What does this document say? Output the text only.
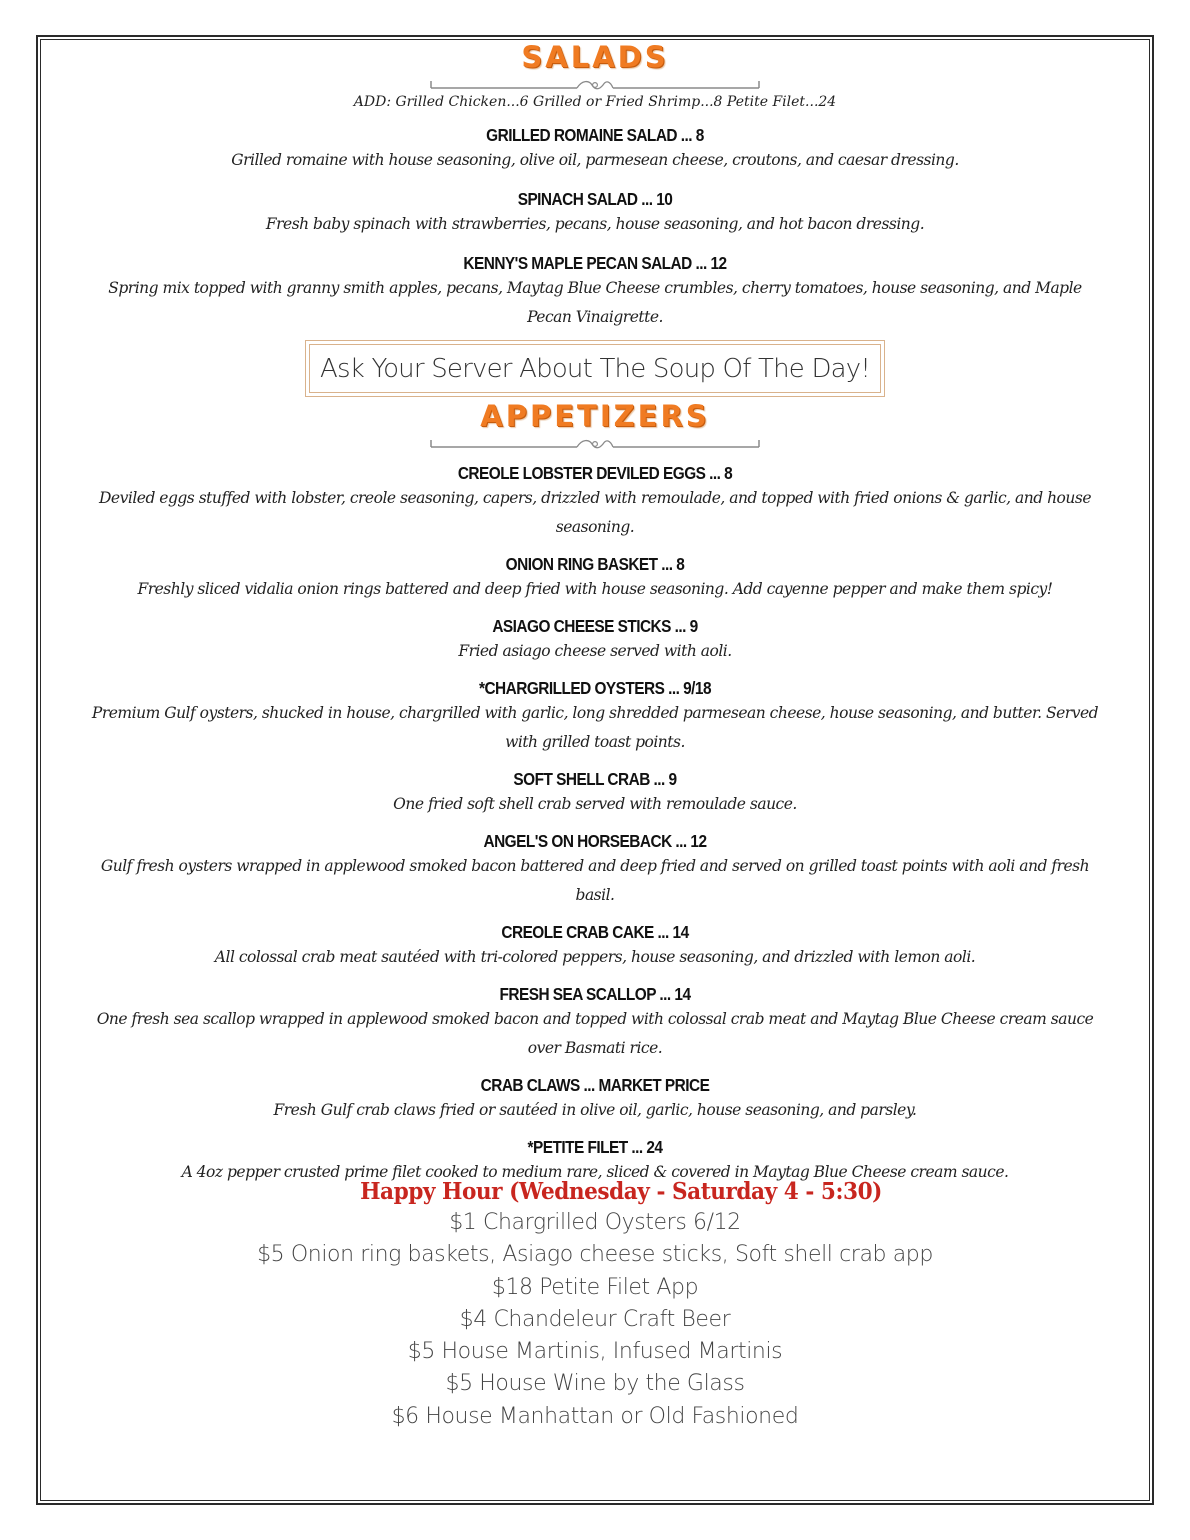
SALADS
ADD: Grilled Chicken...6 Grilled or Fried Shrimp...8 Petite Filet...24
GRILLED ROMAINE SALAD ... 8
Grilled romaine with house seasoning, olive oil, parmesean cheese, croutons, and caesar dressing.
SPINACH SALAD ... 10
Fresh baby spinach with strawberries, pecans, house seasoning, and hot bacon dressing.
KENNY'S MAPLE PECAN SALAD ... 12
Spring mix topped with granny smith apples, pecans, Maytag Blue Cheese crumbles, cherry tomatoes, house seasoning, and Maple Pecan Vinaigrette.
Ask Your Server About The Soup Of The Day!
APPETIZERS
CREOLE LOBSTER DEVILED EGGS ... 8
Deviled eggs stuffed with lobster, creole seasoning, capers, drizzled with remoulade, and topped with fried onions & garlic, and house seasoning.
ONION RING BASKET ... 8
Freshly sliced vidalia onion rings battered and deep fried with house seasoning. Add cayenne pepper and make them spicy!
ASIAGO CHEESE STICKS ... 9
Fried asiago cheese served with aoli.
*CHARGRILLED OYSTERS ... 9/18
Premium Gulf oysters, shucked in house, chargrilled with garlic, long shredded parmesean cheese, house seasoning, and butter. Served with grilled toast points.
SOFT SHELL CRAB ... 9
One fried soft shell crab served with remoulade sauce.
ANGEL'S ON HORSEBACK ... 12
Gulf fresh oysters wrapped in applewood smoked bacon battered and deep fried and served on grilled toast points with aoli and fresh basil.
CREOLE CRAB CAKE ... 14
All colossal crab meat sautéed with tri-colored peppers, house seasoning, and drizzled with lemon aoli.
FRESH SEA SCALLOP ... 14
One fresh sea scallop wrapped in applewood smoked bacon and topped with colossal crab meat and Maytag Blue Cheese cream sauce over Basmati rice.
CRAB CLAWS ... MARKET PRICE
Fresh Gulf crab claws fried or sautéed in olive oil, garlic, house seasoning, and parsley.
*PETITE FILET ... 24
A 4oz pepper crusted prime filet cooked to medium rare, sliced & covered in Maytag Blue Cheese cream sauce.
Happy Hour (Wednesday - Saturday 4 - 5:30)
$1 Chargrilled Oysters 6/12
$5 Onion ring baskets, Asiago cheese sticks, Soft shell crab app
$18 Petite Filet App
$4 Chandeleur Craft Beer
$5 House Martinis, Infused Martinis
$5 House Wine by the Glass
$6 House Manhattan or Old Fashioned
